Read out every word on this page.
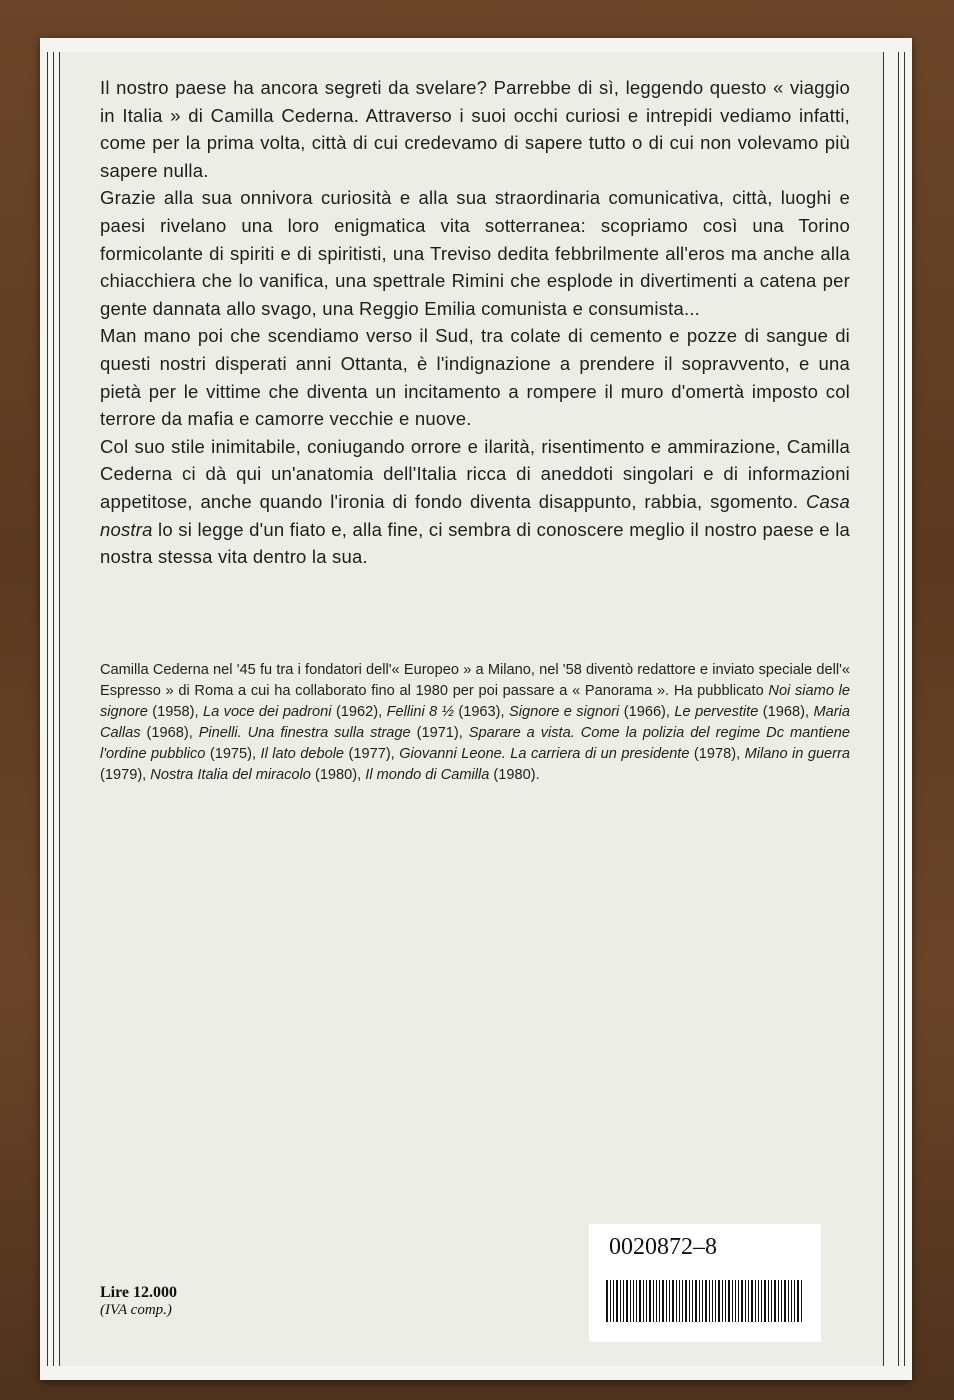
Il nostro paese ha ancora segreti da svelare? Parrebbe di sì, leggendo questo « viaggio in Italia » di Camilla Cederna. Attraverso i suoi occhi curiosi e intrepidi vediamo infatti, come per la prima volta, città di cui credevamo di sapere tutto o di cui non volevamo più sapere nulla.

Grazie alla sua onnivora curiosità e alla sua straordinaria comunicativa, città, luoghi e paesi rivelano una loro enigmatica vita sotterranea: scopriamo così una Torino formicolante di spiriti e di spiritisti, una Treviso dedita febbrilmente all'eros ma anche alla chiacchiera che lo vanifica, una spettrale Rimini che esplode in divertimenti a catena per gente dannata allo svago, una Reggio Emilia comunista e consumista...

Man mano poi che scendiamo verso il Sud, tra colate di cemento e pozze di sangue di questi nostri disperati anni Ottanta, è l'indignazione a prendere il sopravvento, e una pietà per le vittime che diventa un incitamento a rompere il muro d'omertà imposto col terrore da mafia e camorre vecchie e nuove.

Col suo stile inimitabile, coniugando orrore e ilarità, risentimento e ammirazione, Camilla Cederna ci dà qui un'anatomia dell'Italia ricca di aneddoti singolari e di informazioni appetitose, anche quando l'ironia di fondo diventa disappunto, rabbia, sgomento. Casa nostra lo si legge d'un fiato e, alla fine, ci sembra di conoscere meglio il nostro paese e la nostra stessa vita dentro la sua.

Camilla Cederna nel '45 fu tra i fondatori dell'« Europeo » a Milano, nel '58 diventò redattore e inviato speciale dell'« Espresso » di Roma a cui ha collaborato fino al 1980 per poi passare a « Panorama ». Ha pubblicato Noi siamo le signore (1958), La voce dei padroni (1962), Fellini 8 ½ (1963), Signore e signori (1966), Le pervestite (1968), Maria Callas (1968), Pinelli. Una finestra sulla strage (1971), Sparare a vista. Come la polizia del regime Dc mantiene l'ordine pubblico (1975), Il lato debole (1977), Giovanni Leone. La carriera di un presidente (1978), Milano in guerra (1979), Nostra Italia del miracolo (1980), Il mondo di Camilla (1980).
Lire 12.000
(IVA comp.)
0020872–8
